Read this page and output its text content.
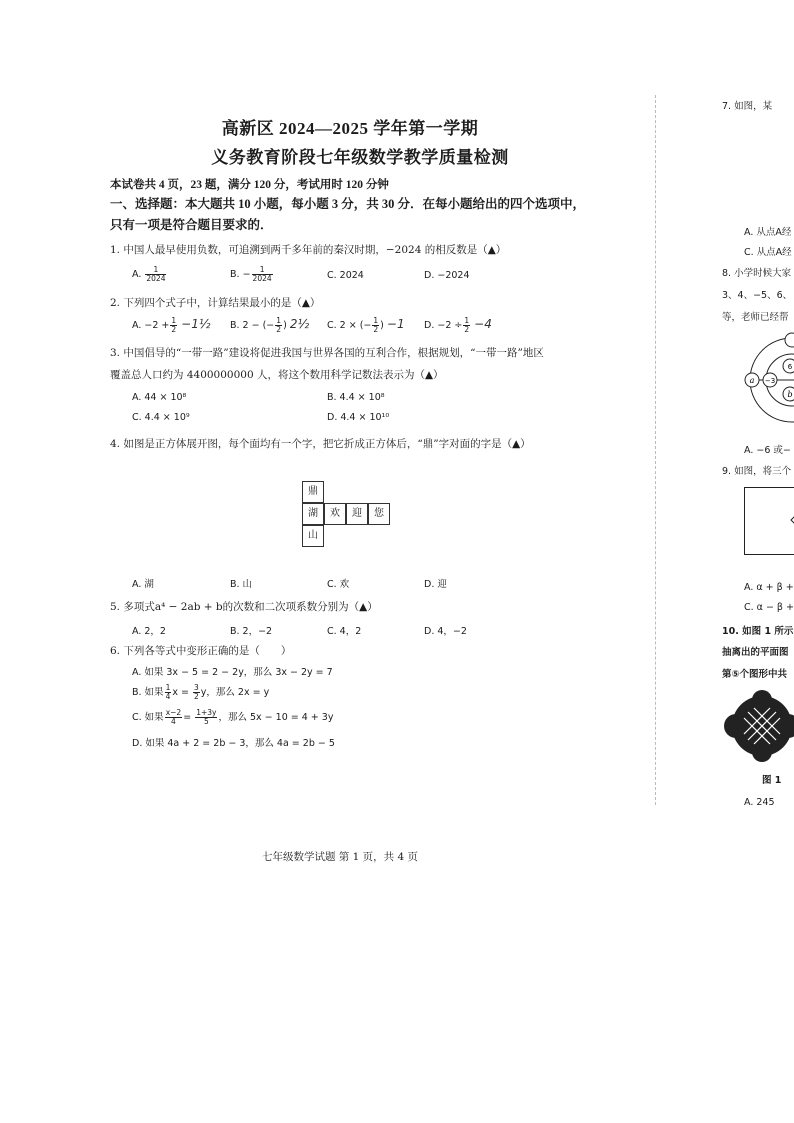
高新区 2024—2025 学年第一学期
义务教育阶段七年级数学教学质量检测
本试卷共 4 页，23 题，满分 120 分，考试用时 120 分钟
一、选择题：本大题共 10 小题，每小题 3 分，共 30 分．在每小题给出的四个选项中，
只有一项是符合题目要求的．
1. 中国人最早使用负数，可追溯到两千多年前的秦汉时期，−2024 的相反数是（▲）
A. $\frac{1}{2024}$	B. − $\frac{1}{2024}$	C. 2024	D. −2024
2. 下列四个式子中，计算结果最小的是（▲）
A. $-2 + \frac{1}{2}$ −1½ B. 2 − (− $\frac{1}{2}$ ) 2½ C. 2 × (− $\frac{1}{2}$ ) −1 D. $-2 \div \frac{1}{2} -4$
3. 中国倡导的“一带一路”建设将促进我国与世界各国的互利合作，根据规划，“一带一路”地区
覆盖总人口约为 4400000000 人，将这个数用科学记数法表示为（▲）
A. 44 × 10⁸	B. 4.4 × 10⁸
C. 4.4 × 10⁹	D. 4.4 × 10¹⁰
4. 如图是正方体展开图，每个面均有一个字，把它折成正方体后，“鼎”字对面的字是（▲）
鼎
湖	欢	迎	您
山
A. 湖	B. 山	C. 欢	D. 迎
5. 多项式a⁴ − 2ab + b的次数和二次项系数分别为（▲）
A. 2，2	B. 2，−2	C. 4，2	D. 4，−2
6. 下列各等式中变形正确的是（　　）
A. 如果 3x − 5 = 2 − 2y，那么 3x − 2y = 7
B. 如果 $\frac{1}{4}$ $x = \frac{3}{2}$ y，那么 2x = y
C. 如果 $\frac{x-2}{4} = \frac{1+3y}{5}$ ，那么 5x − 10 = 4 + 3y
D. 如果 4a + 2 = 2b − 3，那么 4a = 2b − 5
七年级数学试题 第 1 页，共 4 页
7. 如图，某
A. 从点A经
C. 从点A经
8. 小学时候大家
3、4、−5、6、
等，老师已经帮
a −3
6
b
A. −6 或−
9. 如图，将三个
A. α + β +
C. α − β +
10. 如图 1 所示
抽离出的平面图
第⑤个图形中共
图 1
A. 245
